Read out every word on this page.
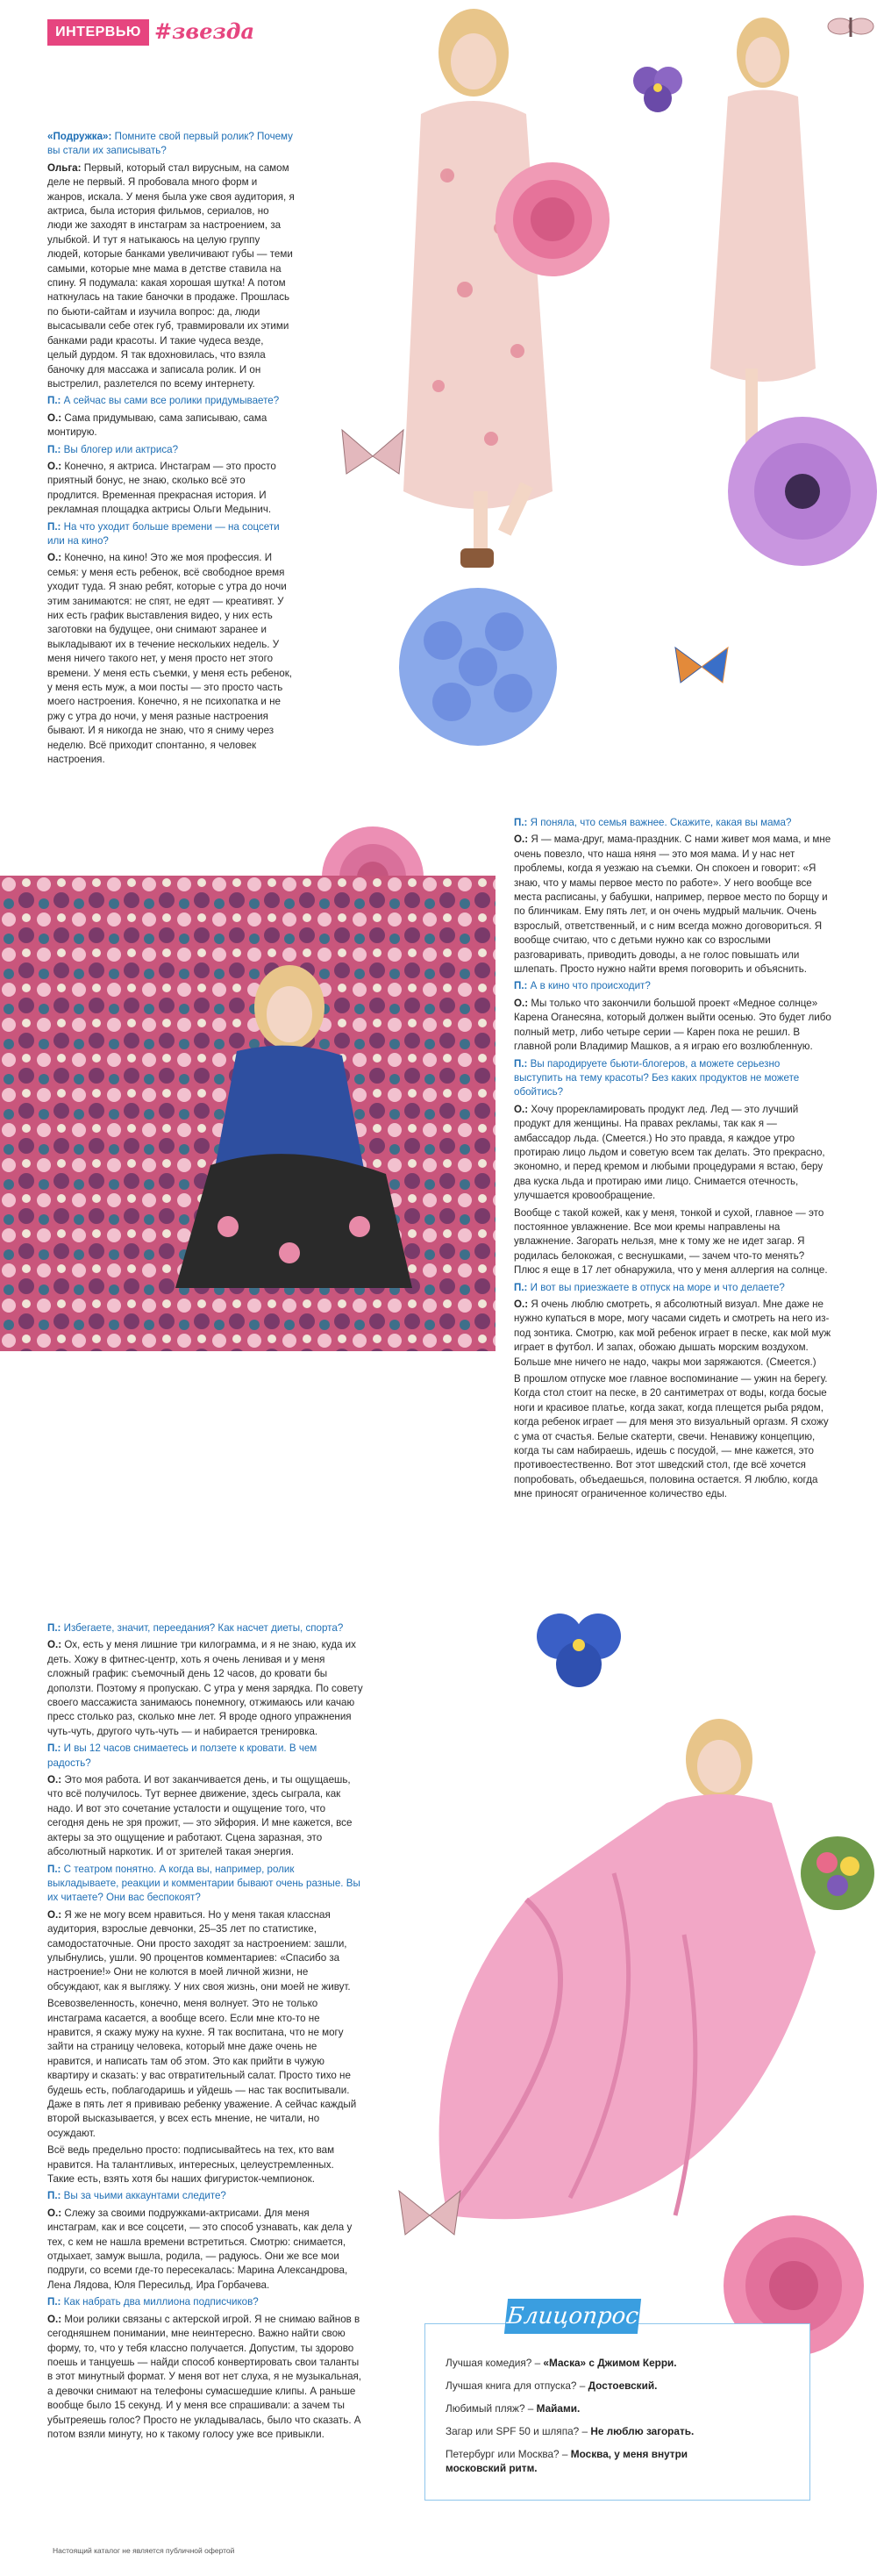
ИНТЕРВЬЮ #звезда

«Подружка»: Помните свой первый ролик? Почему вы стали их записывать?

Ольга: Первый, который стал вирусным, на самом деле не первый. Я пробовала много форм и жанров, искала. У меня была уже своя аудитория, я актриса, была история фильмов, сериалов, но люди же заходят в инстаграм за настроением, за улыбкой. И тут я натыкаюсь на целую группу людей, которые банками увеличивают губы — теми самыми, которые мне мама в детстве ставила на спину. Я подумала: какая хорошая шутка! А потом наткнулась на такие баночки в продаже. Прошлась по бьюти-сайтам и изучила вопрос: да, люди высасывали себе отек губ, травмировали их этими банками ради красоты. И такие чудеса везде, целый дурдом. Я так вдохновилась, что взяла баночку для массажа и записала ролик. И он выстрелил, разлетелся по всему интернету.

П.: А сейчас вы сами все ролики придумываете?

О.: Сама придумываю, сама записываю, сама монтирую.

П.: Вы блогер или актриса?

О.: Конечно, я актриса. Инстаграм — это просто приятный бонус, не знаю, сколько всё это продлится. Временная прекрасная история. И рекламная площадка актрисы Ольги Медынич.

П.: На что уходит больше времени — на соцсети или на кино?

О.: Конечно, на кино! Это же моя профессия. И семья: у меня есть ребенок, всё свободное время уходит туда. Я знаю ребят, которые с утра до ночи этим занимаются: не спят, не едят — креативят. У них есть график выставления видео, у них есть заготовки на будущее, они снимают заранее и выкладывают их в течение нескольких недель. У меня ничего такого нет, у меня просто нет этого времени. У меня есть съемки, у меня есть ребенок, у меня есть муж, а мои посты — это просто часть моего настроения. Конечно, я не психопатка и не ржу с утра до ночи, у меня разные настроения бывают. И я никогда не знаю, что я сниму через неделю. Всё приходит спонтанно, я человек настроения.

П.: Я поняла, что семья важнее. Скажите, какая вы мама?

О.: Я — мама-друг, мама-праздник. С нами живет моя мама, и мне очень повезло, что наша няня — это моя мама. И у нас нет проблемы, когда я уезжаю на съемки. Он спокоен и говорит: «Я знаю, что у мамы первое место по работе». У него вообще все места расписаны, у бабушки, например, первое место по борщу и по блинчикам. Ему пять лет, и он очень мудрый мальчик. Очень взрослый, ответственный, и с ним всегда можно договориться. Я вообще считаю, что с детьми нужно как со взрослыми разговаривать, приводить доводы, а не голос повышать или шлепать. Просто нужно найти время поговорить и объяснить.

П.: А в кино что происходит?

О.: Мы только что закончили большой проект «Медное солнце» Карена Оганесяна, который должен выйти осенью. Это будет либо полный метр, либо четыре серии — Карен пока не решил. В главной роли Владимир Машков, а я играю его возлюбленную.

П.: Вы пародируете бьюти-блогеров, а можете серьезно выступить на тему красоты? Без каких продуктов не можете обойтись?

О.: Хочу прорекламировать продукт лед. Лед — это лучший продукт для женщины. На правах рекламы, так как я — амбассадор льда. (Смеется.) Но это правда, я каждое утро протираю лицо льдом и советую всем так делать. Это прекрасно, экономно, и перед кремом и любыми процедурами я встаю, беру два куска льда и протираю ими лицо. Снимается отечность, улучшается кровообращение.

Вообще с такой кожей, как у меня, тонкой и сухой, главное — это постоянное увлажнение. Все мои кремы направлены на увлажнение. Загорать нельзя, мне к тому же не идет загар. Я родилась белокожая, с веснушками, — зачем что-то менять? Плюс я еще в 17 лет обнаружила, что у меня аллергия на солнце.

П.: И вот вы приезжаете в отпуск на море и что делаете?

О.: Я очень люблю смотреть, я абсолютный визуал. Мне даже не нужно купаться в море, могу часами сидеть и смотреть на него из-под зонтика. Смотрю, как мой ребенок играет в песке, как мой муж играет в футбол. И запах, обожаю дышать морским воздухом. Больше мне ничего не надо, чакры мои заряжаются. (Смеется.)

В прошлом отпуске мое главное воспоминание — ужин на берегу. Когда стол стоит на песке, в 20 сантиметрах от воды, когда босые ноги и красивое платье, когда закат, когда плещется рыба рядом, когда ребенок играет — для меня это визуальный оргазм. Я схожу с ума от счастья. Белые скатерти, свечи. Ненавижу концепцию, когда ты сам набираешь, идешь с посудой, — мне кажется, это противоестественно. Вот этот шведский стол, где всё хочется попробовать, объедаешься, половина остается. Я люблю, когда мне приносят ограниченное количество еды.

П.: Избегаете, значит, переедания? Как насчет диеты, спорта?

О.: Ох, есть у меня лишние три килограмма, и я не знаю, куда их деть. Хожу в фитнес-центр, хоть я очень ленивая и у меня сложный график: съемочный день 12 часов, до кровати бы доползти. Поэтому я пропускаю. С утра у меня зарядка. По совету своего массажиста занимаюсь понемногу, отжимаюсь или качаю пресс столько раз, сколько мне лет. Я вроде одного упражнения чуть-чуть, другого чуть-чуть — и набирается тренировка.

П.: И вы 12 часов снимаетесь и ползете к кровати. В чем радость?

О.: Это моя работа. И вот заканчивается день, и ты ощущаешь, что всё получилось. Тут вернее движение, здесь сыграла, как надо. И вот это сочетание усталости и ощущение того, что сегодня день не зря прожит, — это эйфория. И мне кажется, все актеры за это ощущение и работают. Сцена заразная, это абсолютный наркотик. И от зрителей такая энергия.

П.: С театром понятно. А когда вы, например, ролик выкладываете, реакции и комментарии бывают очень разные. Вы их читаете? Они вас беспокоят?

О.: Я же не могу всем нравиться. Но у меня такая классная аудитория, взрослые девчонки, 25–35 лет по статистике, самодостаточные. Они просто заходят за настроением: зашли, улыбнулись, ушли. 90 процентов комментариев: «Спасибо за настроение!» Они не колются в моей личной жизни, не обсуждают, как я выгляжу. У них своя жизнь, они моей не живут.

Всевозвеленность, конечно, меня волнует. Это не только инстаграма касается, а вообще всего. Если мне кто-то не нравится, я скажу мужу на кухне. Я так воспитана, что не могу зайти на страницу человека, который мне даже очень не нравится, и написать там об этом. Это как прийти в чужую квартиру и сказать: у вас отвратительный салат. Просто тихо не будешь есть, поблагодаришь и уйдешь — нас так воспитывали. Даже в пять лет я прививаю ребенку уважение. А сейчас каждый второй высказывается, у всех есть мнение, не читали, но осуждают.

Всё ведь предельно просто: подписывайтесь на тех, кто вам нравится. На талантливых, интересных, целеустремленных. Такие есть, взять хотя бы наших фигуристок-чемпионок.

П.: Вы за чьими аккаунтами следите?

О.: Слежу за своими подружками-актрисами. Для меня инстаграм, как и все соцсети, — это способ узнавать, как дела у тех, с кем не нашла времени встретиться. Смотрю: снимается, отдыхает, замуж вышла, родила, — радуюсь. Они же все мои подруги, со всеми где-то пересекалась: Марина Александрова, Лена Лядова, Юля Пересильд, Ира Горбачева.

П.: Как набрать два миллиона подписчиков?

О.: Мои ролики связаны с актерской игрой. Я не снимаю вайнов в сегодняшнем понимании, мне неинтересно. Важно найти свою форму, то, что у тебя классно получается. Допустим, ты здорово поешь и танцуешь — найди способ конвертировать свои таланты в этот минутный формат. У меня вот нет слуха, я не музыкальная, а девочки снимают на телефоны сумасшедшие клипы. А раньше вообще было 15 секунд. И у меня все спрашивали: а зачем ты убытреяешь голос? Просто не укладывалась, было что сказать. А потом взяли минуту, но к такому голосу уже все привыкли.

Блицопрос
Лучшая комедия? – «Маска» с Джимом Керри.
Лучшая книга для отпуска? – Достоевский.
Любимый пляж? – Майами.
Загар или SPF 50 и шляпа? – Не люблю загорать.
Петербург или Москва? – Москва, у меня внутри
московский ритм.
Настоящий каталог не является публичной офертой
